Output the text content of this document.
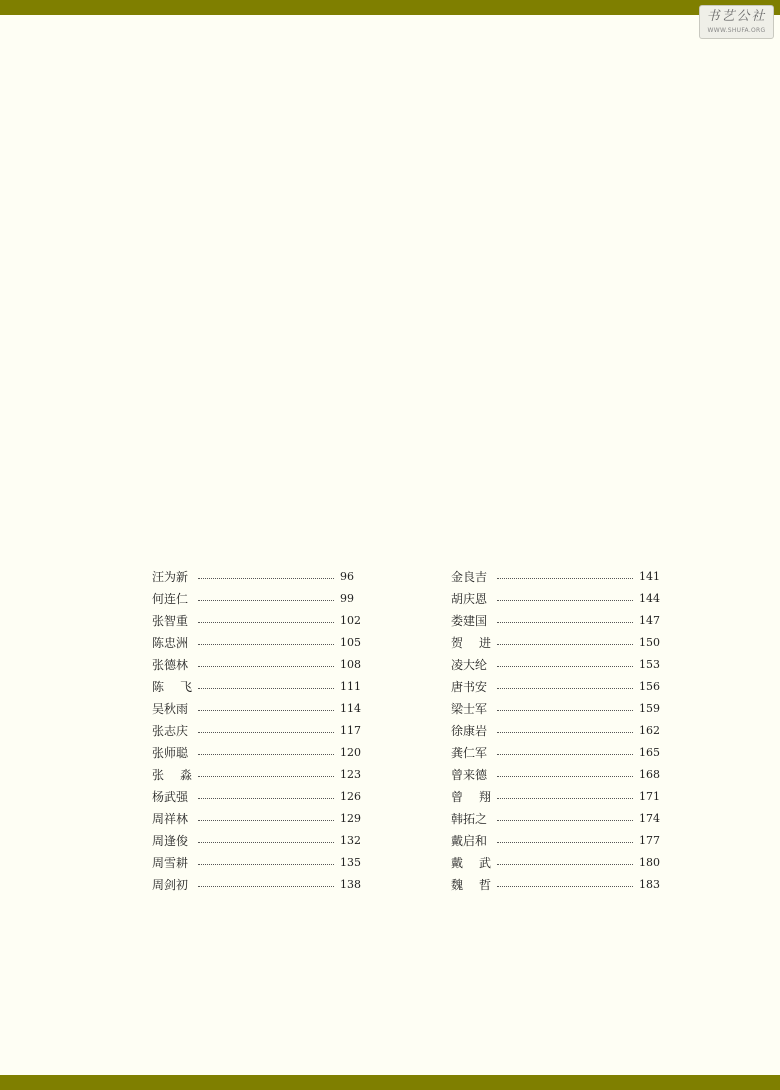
书艺公社
WWW.SHUFA.ORG
汪为新	96
何连仁	99
张智重	102
陈忠洲	105
张德林	108
陈 飞	111
吴秋雨	114
张志庆	117
张师聪	120
张 淼	123
杨武强	126
周祥林	129
周逢俊	132
周雪耕	135
周剑初	138
金良吉	141
胡庆恩	144
娄建国	147
贺 进	150
凌大纶	153
唐书安	156
梁士军	159
徐康岩	162
龚仁军	165
曾来德	168
曾 翔	171
韩拓之	174
戴启和	177
戴 武	180
魏 哲	183
